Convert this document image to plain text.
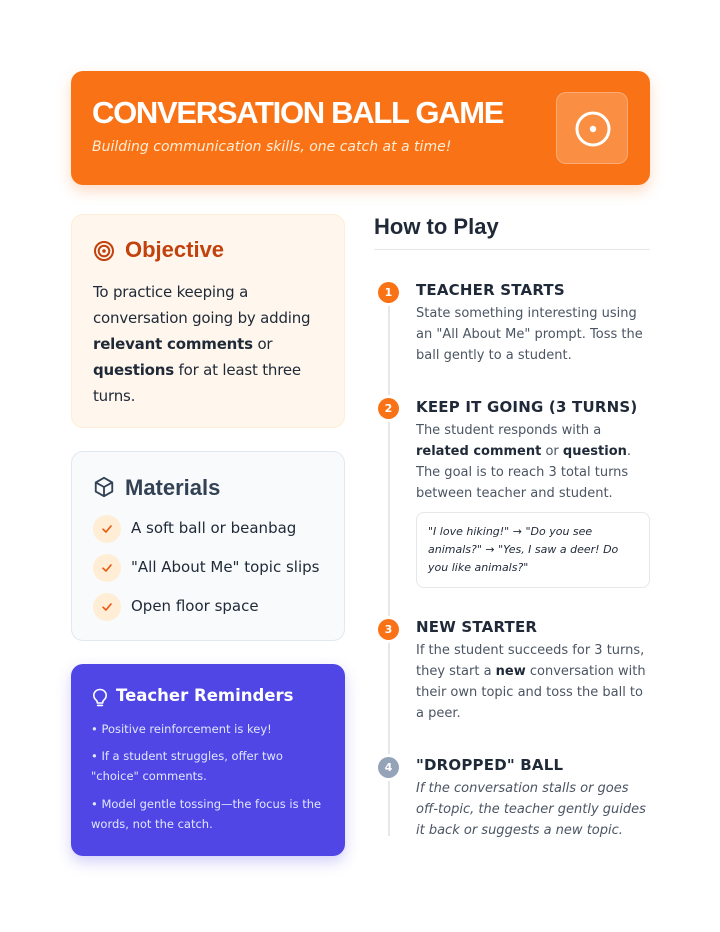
CONVERSATION BALL GAME
Building communication skills, one catch at a time!
Objective
To practice keeping a conversation going by adding relevant comments or questions for at least three turns.
Materials
A soft ball or beanbag
"All About Me" topic slips
Open floor space
Teacher Reminders
• Positive reinforcement is key!
• If a student struggles, offer two "choice" comments.
• Model gentle tossing—the focus is the words, not the catch.
How to Play
1	TEACHER STARTS
State something interesting using an "All About Me" prompt. Toss the ball gently to a student.
2	KEEP IT GOING (3 TURNS)
The student responds with a related comment or question. The goal is to reach 3 total turns between teacher and student.
"I love hiking!" → "Do you see animals?" → "Yes, I saw a deer! Do you like animals?"
3	NEW STARTER
If the student succeeds for 3 turns, they start a new conversation with their own topic and toss the ball to a peer.
4	"DROPPED" BALL
If the conversation stalls or goes off-topic, the teacher gently guides it back or suggests a new topic.
